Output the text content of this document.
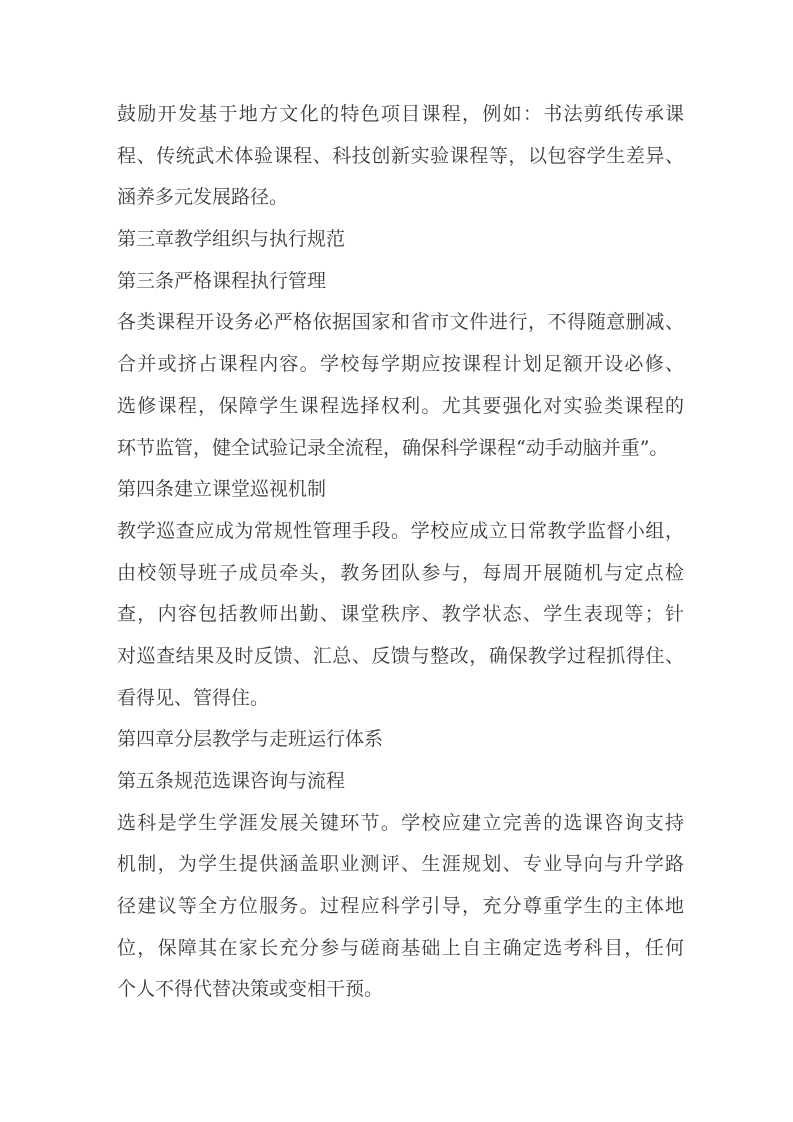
鼓励开发基于地方文化的特色项目课程，例如：书法剪纸传承课
程、传统武术体验课程、科技创新实验课程等，以包容学生差异、
涵养多元发展路径。
第三章教学组织与执行规范
第三条严格课程执行管理
各类课程开设务必严格依据国家和省市文件进行，不得随意删减、
合并或挤占课程内容。学校每学期应按课程计划足额开设必修、
选修课程，保障学生课程选择权利。尤其要强化对实验类课程的
环节监管，健全试验记录全流程，确保科学课程“动手动脑并重”。
第四条建立课堂巡视机制
教学巡查应成为常规性管理手段。学校应成立日常教学监督小组，
由校领导班子成员牵头，教务团队参与，每周开展随机与定点检
查，内容包括教师出勤、课堂秩序、教学状态、学生表现等；针
对巡查结果及时反馈、汇总、反馈与整改，确保教学过程抓得住、
看得见、管得住。
第四章分层教学与走班运行体系
第五条规范选课咨询与流程
选科是学生学涯发展关键环节。学校应建立完善的选课咨询支持
机制，为学生提供涵盖职业测评、生涯规划、专业导向与升学路
径建议等全方位服务。过程应科学引导，充分尊重学生的主体地
位，保障其在家长充分参与磋商基础上自主确定选考科目，任何
个人不得代替决策或变相干预。
